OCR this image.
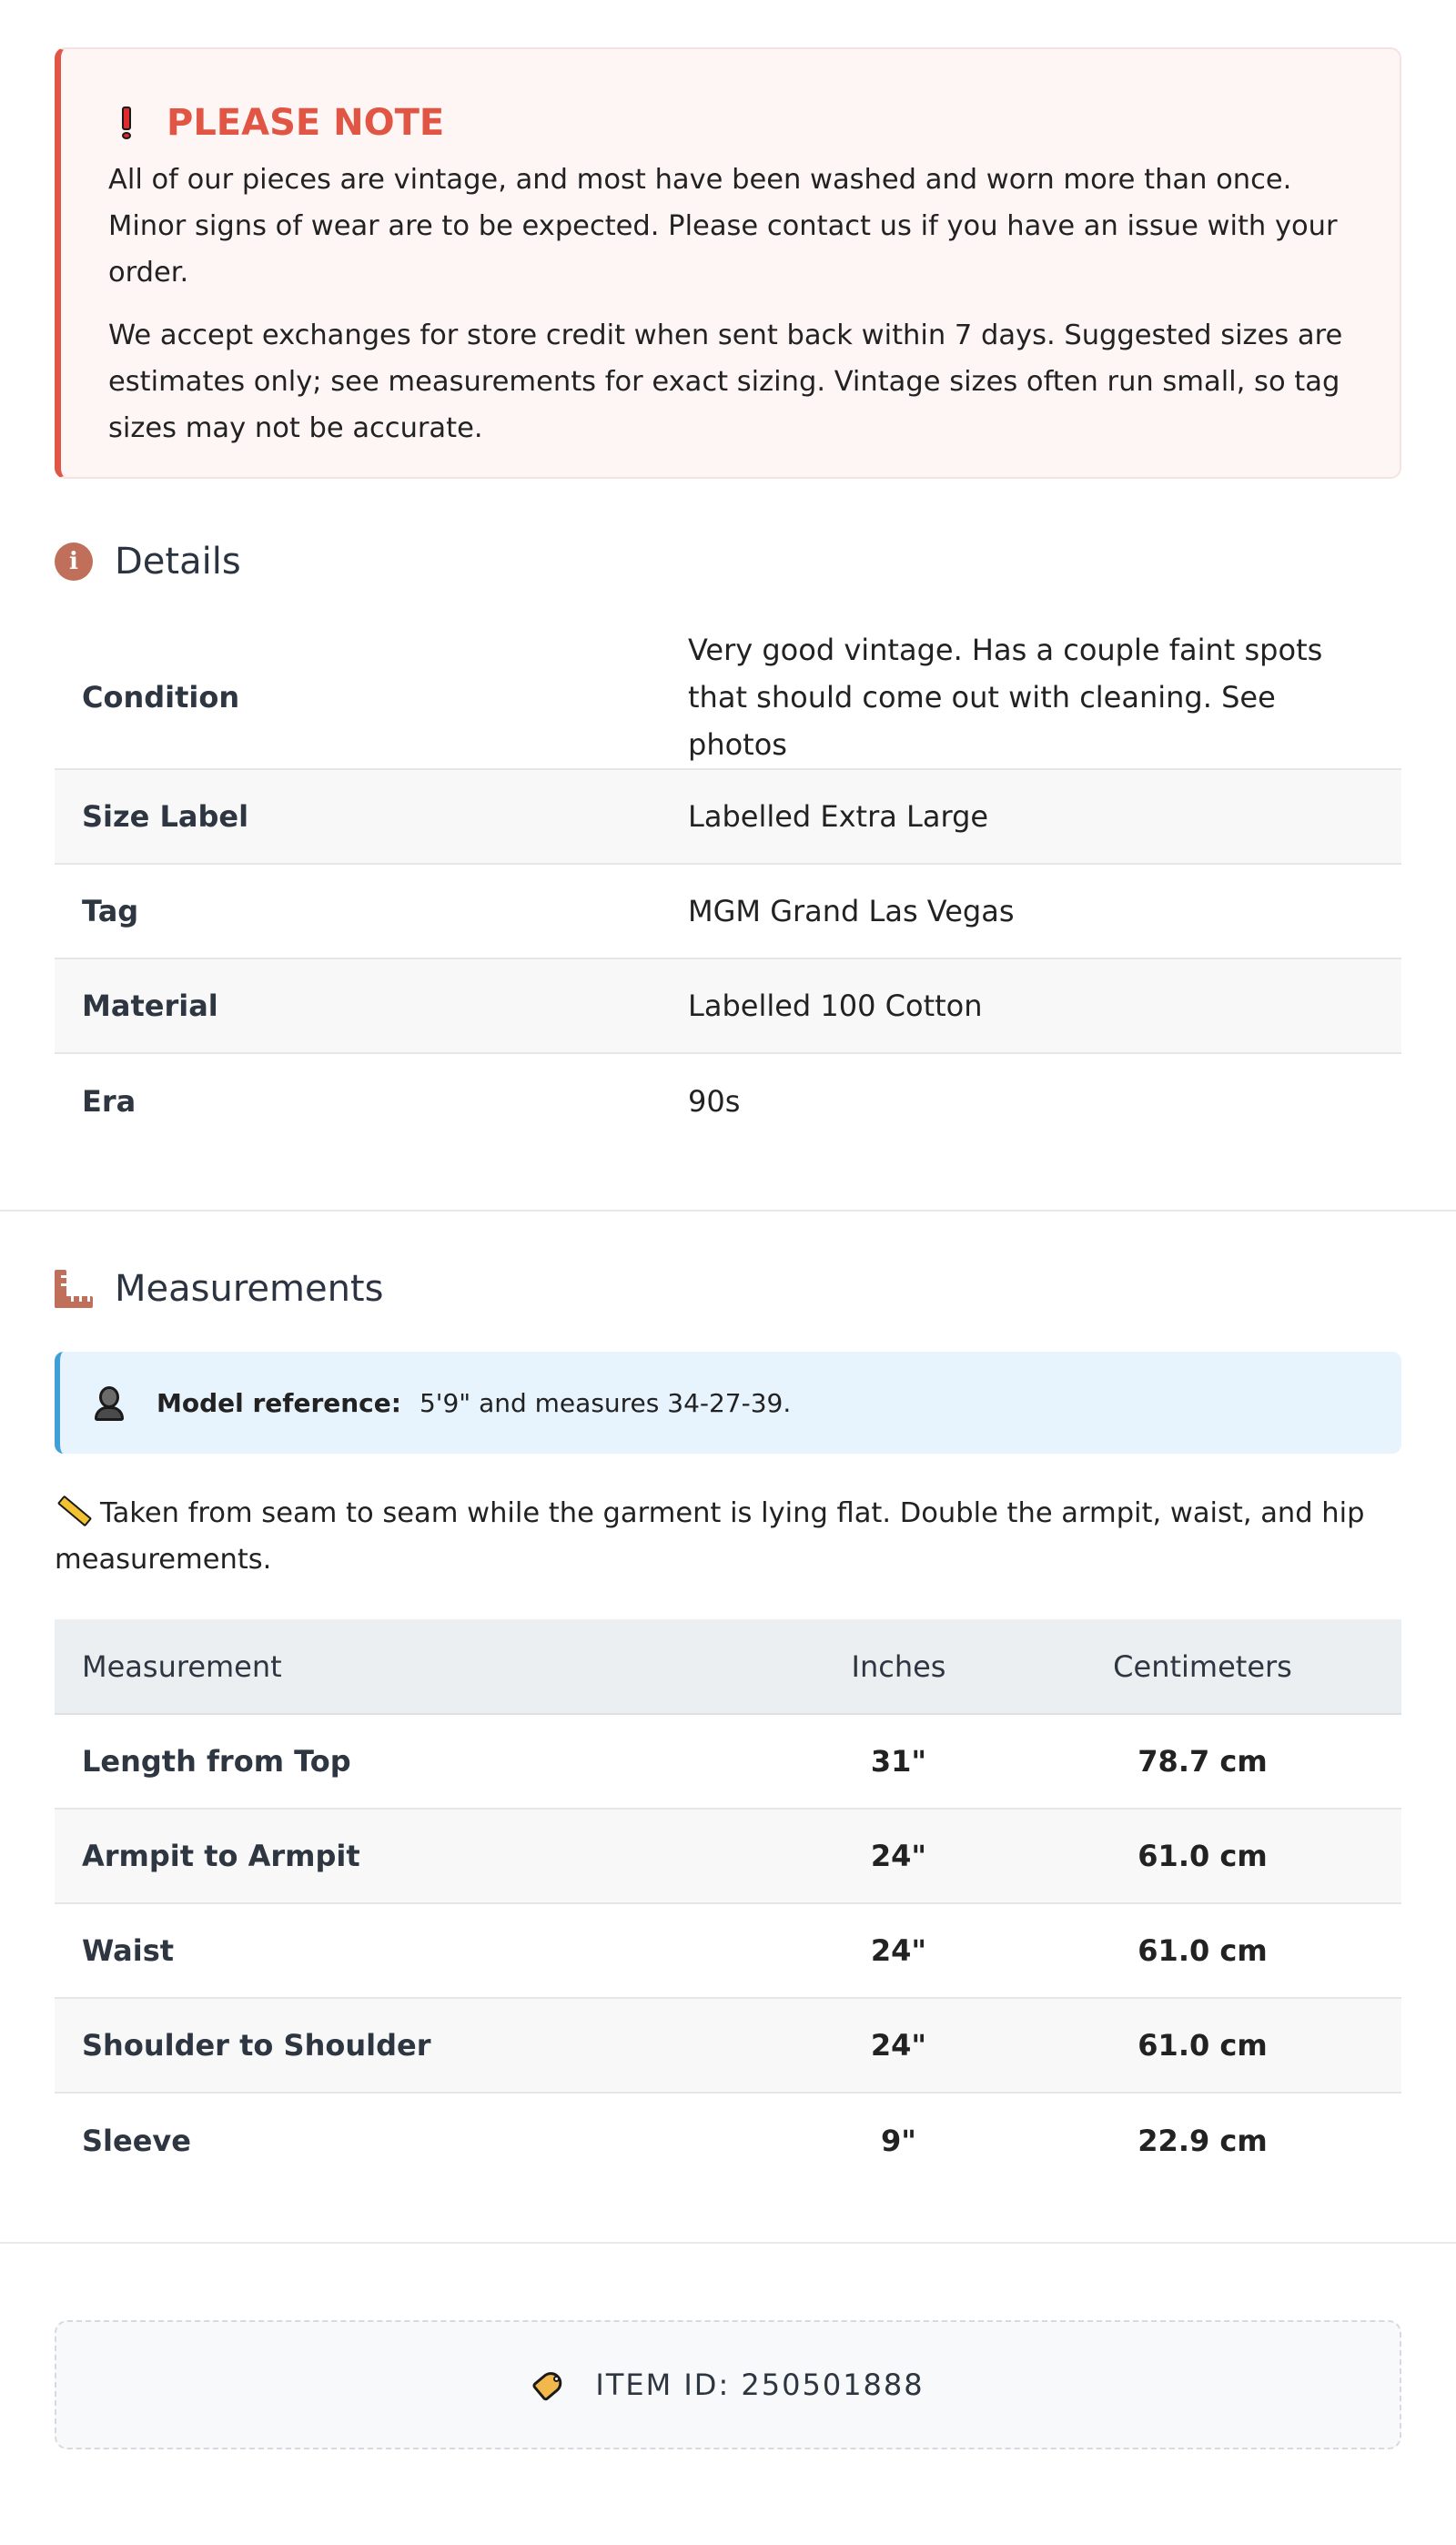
PLEASE NOTE

All of our pieces are vintage, and most have been washed and worn more than once. Minor signs of wear are to be expected. Please contact us if you have an issue with your order.

We accept exchanges for store credit when sent back within 7 days. Suggested sizes are estimates only; see measurements for exact sizing. Vintage sizes often run small, so tag sizes may not be accurate.

i	Details
Condition	Very good vintage. Has a couple faint spots that should come out with cleaning. See photos
Size Label	Labelled Extra Large
Tag	MGM Grand Las Vegas
Material	Labelled 100 Cotton
Era	90s
Measurements
Model reference: 5'9" and measures 34-27-39.
Taken from seam to seam while the garment is lying flat. Double the armpit, waist, and hip measurements.
Measurement	Inches	Centimeters
Length from Top	31"	78.7 cm
Armpit to Armpit	24"	61.0 cm
Waist	24"	61.0 cm
Shoulder to Shoulder	24"	61.0 cm
Sleeve	9"	22.9 cm
ITEM ID: 250501888
